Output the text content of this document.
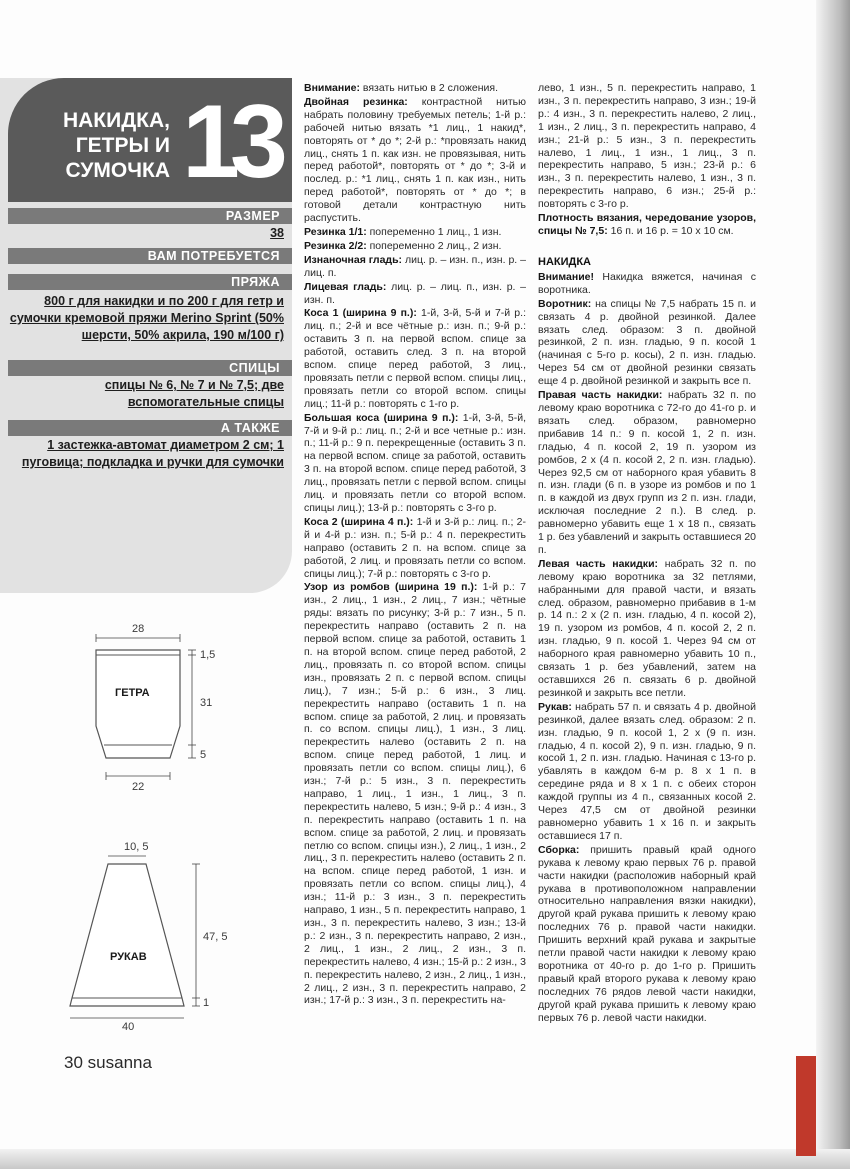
НАКИДКА,
ГЕТРЫ И
СУМОЧКА 13
РАЗМЕР
38
ВАМ ПОТРЕБУЕТСЯ
ПРЯЖА
800 г для накидки и по 200 г для гетр и сумочки кремовой пряжи Merino Sprint (50% шерсти, 50% акрила, 190 м/100 г)
СПИЦЫ
спицы № 6, № 7 и № 7,5; две вспомогательные спицы
А ТАКЖЕ
1 застежка-автомат диаметром 2 см; 1 пуговица; подкладка и ручки для сумочки
28
1,5
31
5
22
ГЕТРА
10, 5
47, 5
1
40
РУКАВ

Внимание: вязать нитью в 2 сложения.

Двойная резинка: контрастной нитью набрать половину требуемых петель; 1-й р.: рабочей нитью вязать *1 лиц., 1 накид*, повторять от * до *; 2-й р.: *провязать накид лиц., снять 1 п. как изн. не провязывая, нить перед работой*, повторять от * до *; 3-й и послед. р.: *1 лиц., снять 1 п. как изн., нить перед работой*, повторять от * до *; в готовой детали контрастную нить распустить.

Резинка 1/1: попеременно 1 лиц., 1 изн.

Резинка 2/2: попеременно 2 лиц., 2 изн.

Изнаночная гладь: лиц. р. – изн. п., изн. р. – лиц. п.

Лицевая гладь: лиц. р. – лиц. п., изн. р. – изн. п.

Коса 1 (ширина 9 п.): 1-й, 3-й, 5-й и 7-й р.: лиц. п.; 2-й и все чётные р.: изн. п.; 9-й р.: оставить 3 п. на первой вспом. спице за работой, оставить след. 3 п. на второй вспом. спице перед работой, 3 лиц., провязать петли с первой вспом. спицы лиц., провязать петли со второй вспом. спицы лиц.; 11-й р.: повторять с 1-го р.

Большая коса (ширина 9 п.): 1-й, 3-й, 5-й, 7-й и 9-й р.: лиц. п.; 2-й и все четные р.: изн. п.; 11-й р.: 9 п. перекрещенные (оставить 3 п. на первой вспом. спице за работой, оставить 3 п. на второй вспом. спице перед работой, 3 лиц., провязать петли с первой вспом. спицы лиц. и провязать петли со второй вспом. спицы лиц.); 13-й р.: повторять с 3-го р.

Коса 2 (ширина 4 п.): 1-й и 3-й р.: лиц. п.; 2-й и 4-й р.: изн. п.; 5-й р.: 4 п. перекрестить направо (оставить 2 п. на вспом. спице за работой, 2 лиц. и провязать петли со вспом. спицы лиц.); 7-й р.: повторять с 3-го р.

Узор из ромбов (ширина 19 п.): 1-й р.: 7 изн., 2 лиц., 1 изн., 2 лиц., 7 изн.; чётные ряды: вязать по рисунку; 3-й р.: 7 изн., 5 п. перекрестить направо (оставить 2 п. на первой вспом. спице за работой, оставить 1 п. на второй вспом. спице перед работой, 2 лиц., провязать п. со второй вспом. спицы изн., провязать 2 п. с первой вспом. спицы лиц.), 7 изн.; 5-й р.: 6 изн., 3 лиц. перекрестить направо (оставить 1 п. на вспом. спице за работой, 2 лиц. и провязать п. со вспом. спицы лиц.), 1 изн., 3 лиц. перекрестить налево (оставить 2 п. на вспом. спице перед работой, 1 лиц. и провязать петли со вспом. спицы лиц.), 6 изн.; 7-й р.: 5 изн., 3 п. перекрестить направо, 1 лиц., 1 изн., 1 лиц., 3 п. перекрестить налево, 5 изн.; 9-й р.: 4 изн., 3 п. перекрестить направо (оставить 1 п. на вспом. спице за работой, 2 лиц. и провязать петлю со вспом. спицы изн.), 2 лиц., 1 изн., 2 лиц., 3 п. перекрестить налево (оставить 2 п. на вспом. спице перед работой, 1 изн. и провязать петли со вспом. спицы лиц.), 4 изн.; 11-й р.: 3 изн., 3 п. перекрестить направо, 1 изн., 5 п. перекрестить направо, 1 изн., 3 п. перекрестить налево, 3 изн.; 13-й р.: 2 изн., 3 п. перекрестить направо, 2 изн., 2 лиц., 1 изн., 2 лиц., 2 изн., 3 п. перекрестить налево, 4 изн.; 15-й р.: 2 изн., 3 п. перекрестить налево, 2 изн., 2 лиц., 1 изн., 2 лиц., 2 изн., 3 п. перекрестить направо, 2 изн.; 17-й р.: 3 изн., 3 п. перекрестить на-

лево, 1 изн., 5 п. перекрестить направо, 1 изн., 3 п. перекрестить направо, 3 изн.; 19-й р.: 4 изн., 3 п. перекрестить налево, 2 лиц., 1 изн., 2 лиц., 3 п. перекрестить направо, 4 изн.; 21-й р.: 5 изн., 3 п. перекрестить налево, 1 лиц., 1 изн., 1 лиц., 3 п. перекрестить направо, 5 изн.; 23-й р.: 6 изн., 3 п. перекрестить налево, 1 изн., 3 п. перекрестить направо, 6 изн.; 25-й р.: повторять с 3-го р.

Плотность вязания, чередование узоров, спицы № 7,5: 16 п. и 16 р. = 10 х 10 см.

НАКИДКА

Внимание! Накидка вяжется, начиная с воротника.

Воротник: на спицы № 7,5 набрать 15 п. и связать 4 р. двойной резинкой. Далее вязать след. образом: 3 п. двойной резинкой, 2 п. изн. гладью, 9 п. косой 1 (начиная с 5-го р. косы), 2 п. изн. гладью. Через 54 см от двойной резинки связать еще 4 р. двойной резинкой и закрыть все п.

Правая часть накидки: набрать 32 п. по левому краю воротника с 72-го до 41-го р. и вязать след. образом, равномерно прибавив 14 п.: 9 п. косой 1, 2 п. изн. гладью, 4 п. косой 2, 19 п. узором из ромбов, 2 х (4 п. косой 2, 2 п. изн. гладью). Через 92,5 см от наборного края убавить 8 п. изн. глади (6 п. в узоре из ромбов и по 1 п. в каждой из двух групп из 2 п. изн. глади, исключая последние 2 п.). В след. р. равномерно убавить еще 1 х 18 п., связать 1 р. без убавлений и закрыть оставшиеся 20 п.

Левая часть накидки: набрать 32 п. по левому краю воротника за 32 петлями, набранными для правой части, и вязать след. образом, равномерно прибавив в 1-м р. 14 п.: 2 х (2 п. изн. гладью, 4 п. косой 2), 19 п. узором из ромбов, 4 п. косой 2, 2 п. изн. гладью, 9 п. косой 1. Через 94 см от наборного края равномерно убавить 10 п., связать 1 р. без убавлений, затем на оставшихся 26 п. связать 6 р. двойной резинкой и закрыть все петли.

Рукав: набрать 57 п. и связать 4 р. двойной резинкой, далее вязать след. образом: 2 п. изн. гладью, 9 п. косой 1, 2 х (9 п. изн. гладью, 4 п. косой 2), 9 п. изн. гладью, 9 п. косой 1, 2 п. изн. гладью. Начиная с 13-го р. убавлять в каждом 6-м р. 8 х 1 п. в середине ряда и 8 х 1 п. с обеих сторон каждой группы из 4 п., связанных косой 2. Через 47,5 см от двойной резинки равномерно убавить 1 х 16 п. и закрыть оставшиеся 17 п.

Сборка: пришить правый край одного рукава к левому краю первых 76 р. правой части накидки (расположив наборный край рукава в противоположном направлении относительно направления вязки накидки), другой край рукава пришить к левому краю последних 76 р. правой части накидки. Пришить верхний край рукава и закрытые петли правой части накидки к левому краю воротника от 40-го р. до 1-го р. Пришить правый край второго рукава к левому краю последних 76 рядов левой части накидки, другой край рукава пришить к левому краю первых 76 р. левой части накидки.

30 susanna
